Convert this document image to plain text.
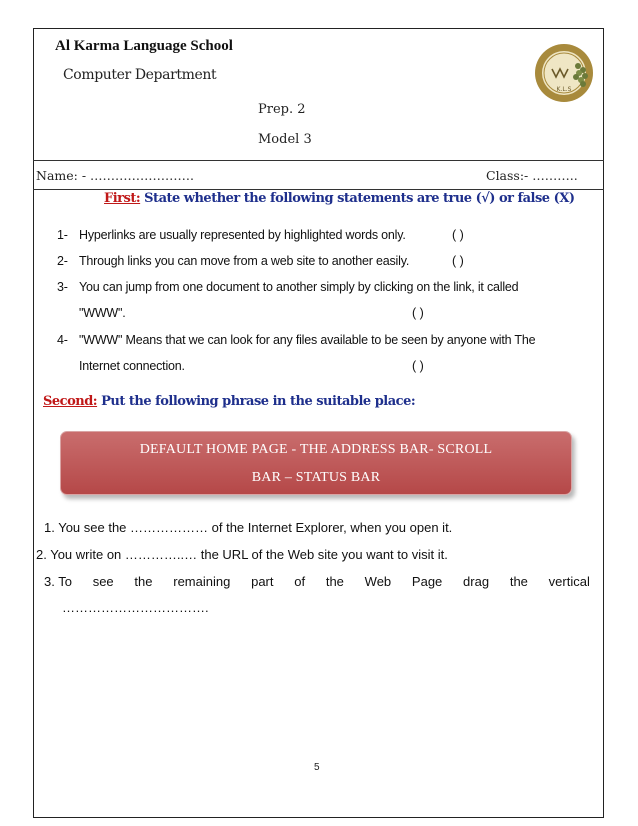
Al Karma Language School
Computer Department
K.L.S
Prep. 2
Model 3
Name: - …………………….	Class:- ………..
First: State whether the following statements are true (√) or false (X)
1- Hyperlinks are usually represented by highlighted words only.	( )
2- Through links you can move from a web site to another easily.	( )
3- You can jump from one document to another simply by clicking on the link, it called
"WWW".	( )
4- "WWW" Means that we can look for any files available to be seen by anyone with The
Internet connection.	( )
Second: Put the following phrase in the suitable place:
DEFAULT HOME PAGE - THE ADDRESS BAR- SCROLL
BAR – STATUS BAR
1. You see the ……………… of the Internet Explorer, when you open it.
2. You write on …………..… the URL of the Web site you want to visit it.
3. To see the remaining part of the Web Page drag the vertical
…………………………….
5
